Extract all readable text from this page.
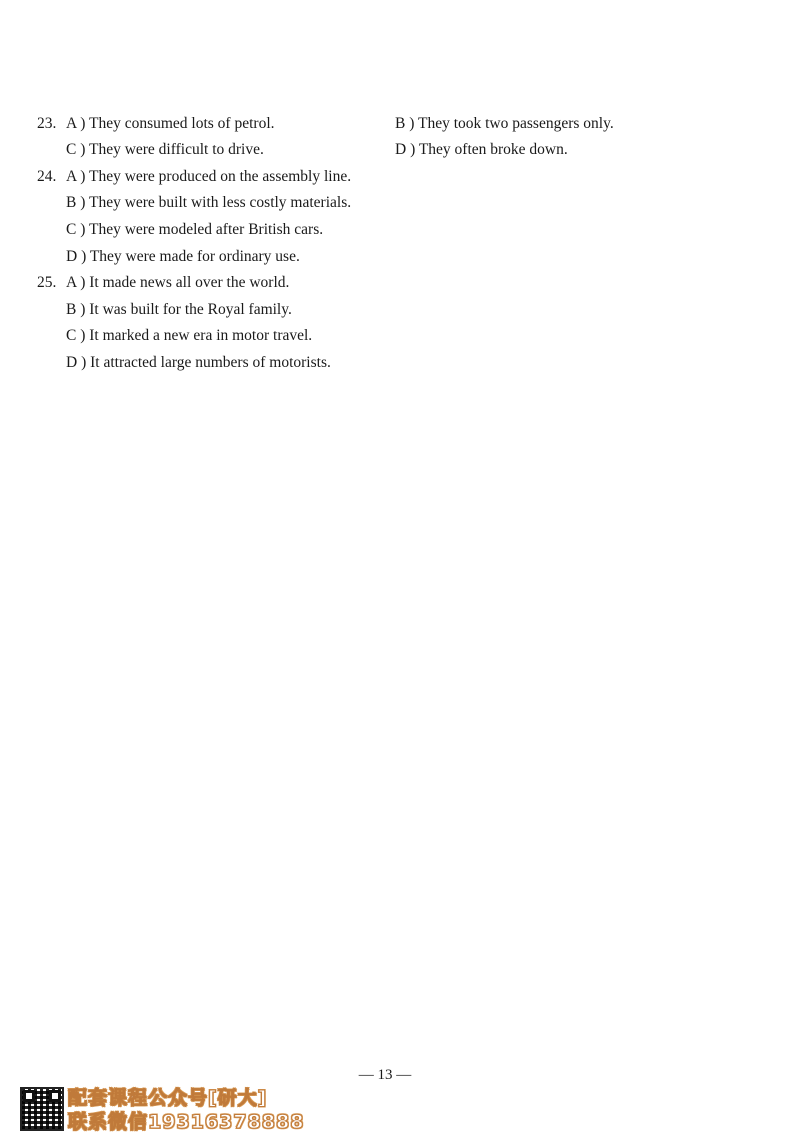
23. A ) They consumed lots of petrol.	B ) They took two passengers only.
C ) They were difficult to drive.	D ) They often broke down.
24. A ) They were produced on the assembly line.
B ) They were built with less costly materials.
C ) They were modeled after British cars.
D ) They were made for ordinary use.
25. A ) It made news all over the world.
B ) It was built for the Royal family.
C ) It marked a new era in motor travel.
D ) It attracted large numbers of motorists.
— 13 —
配套课程公众号[研大]
联系微信19316378888
